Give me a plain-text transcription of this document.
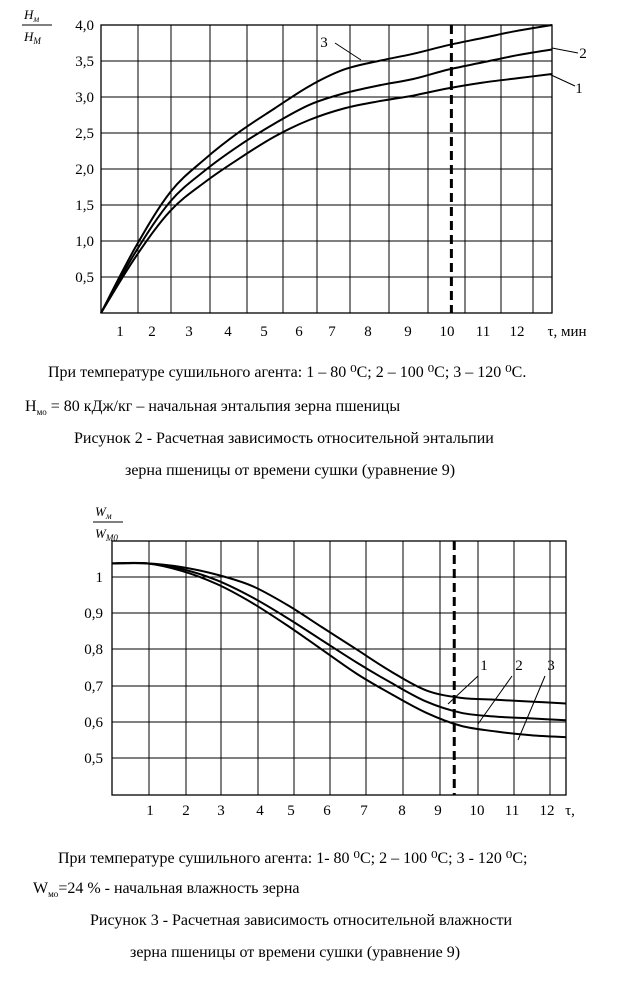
1 2 3 4 5 6 7 8 9 10 11 12
0,5
1,0
1,5
2,0
2,5
3,0
3,5
4,0
τ, мин
$H_м$
$H_М$
1
2
3
1 2 3 4 5 6 7 8 9 10 11 12
1
0,9
0,8
0,7
0,6
0,5
τ,
$W_м$
$W_{М0}$
1 2 3
При температуре сушильного агента: 1 – 80 ⁰С; 2 – 100 ⁰С; 3 – 120 ⁰С.
$H_{мо} = 80$ кДж/кг – начальная энтальпия зерна пшеницы
Рисунок 2 - Расчетная зависимость относительной энтальпии
зерна пшеницы от времени сушки (уравнение 9)
При температуре сушильного агента: 1- 80 ⁰С; 2 – 100 ⁰С; 3 - 120 ⁰С;
$W_{мо}=24$ % - начальная влажность зерна
Рисунок 3 - Расчетная зависимость относительной влажности
зерна пшеницы от времени сушки (уравнение 9)
